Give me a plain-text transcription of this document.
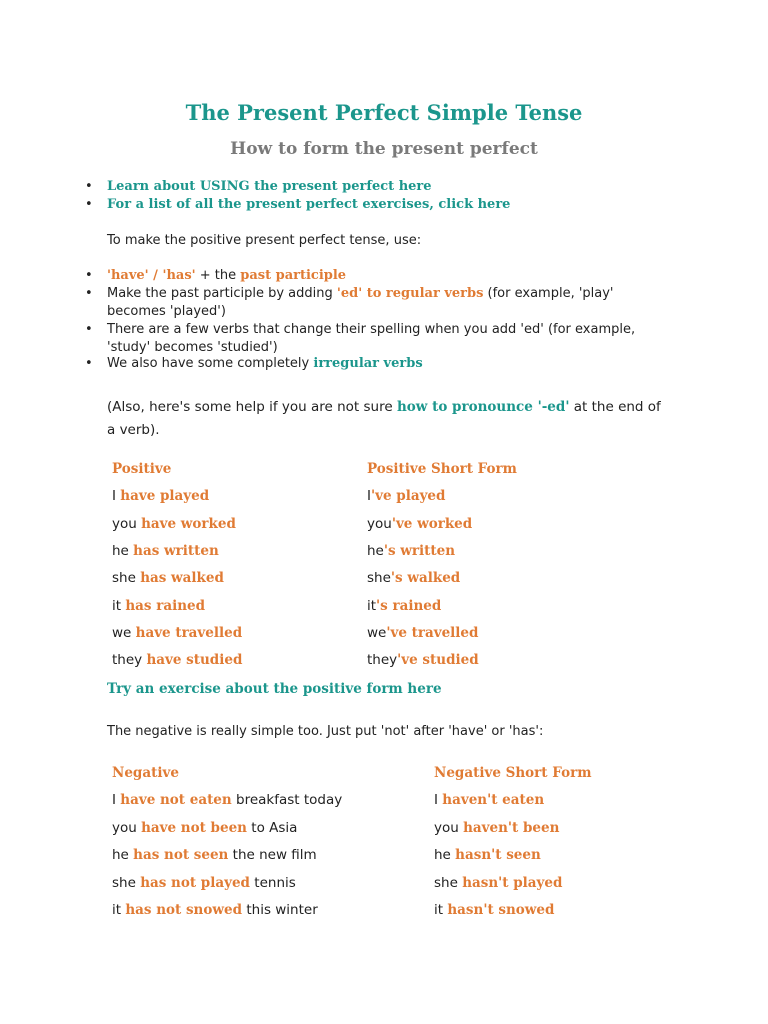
The Present Perfect Simple Tense
How to form the present perfect
• Learn about USING the present perfect here
• For a list of all the present perfect exercises, click here
To make the positive present perfect tense, use:
• 'have' / 'has' + the past participle
• Make the past participle by adding 'ed' to regular verbs (for example, 'play' becomes 'played')
• There are a few verbs that change their spelling when you add 'ed' (for example, 'study' becomes 'studied')
• We also have some completely irregular verbs
(Also, here's some help if you are not sure how to pronounce '-ed' at the end of a verb).
Positive	Positive Short Form
I have played
you have worked
he has written
she has walked
it has rained
we have travelled
they have studied
I've played
you've worked
he's written
she's walked
it's rained
we've travelled
they've studied
Try an exercise about the positive form here
The negative is really simple too. Just put 'not' after 'have' or 'has':
Negative	Negative Short Form
I have not eaten breakfast today
you have not been to Asia
he has not seen the new film
she has not played tennis
it has not snowed this winter
I haven't eaten
you haven't been
he hasn't seen
she hasn't played
it hasn't snowed
